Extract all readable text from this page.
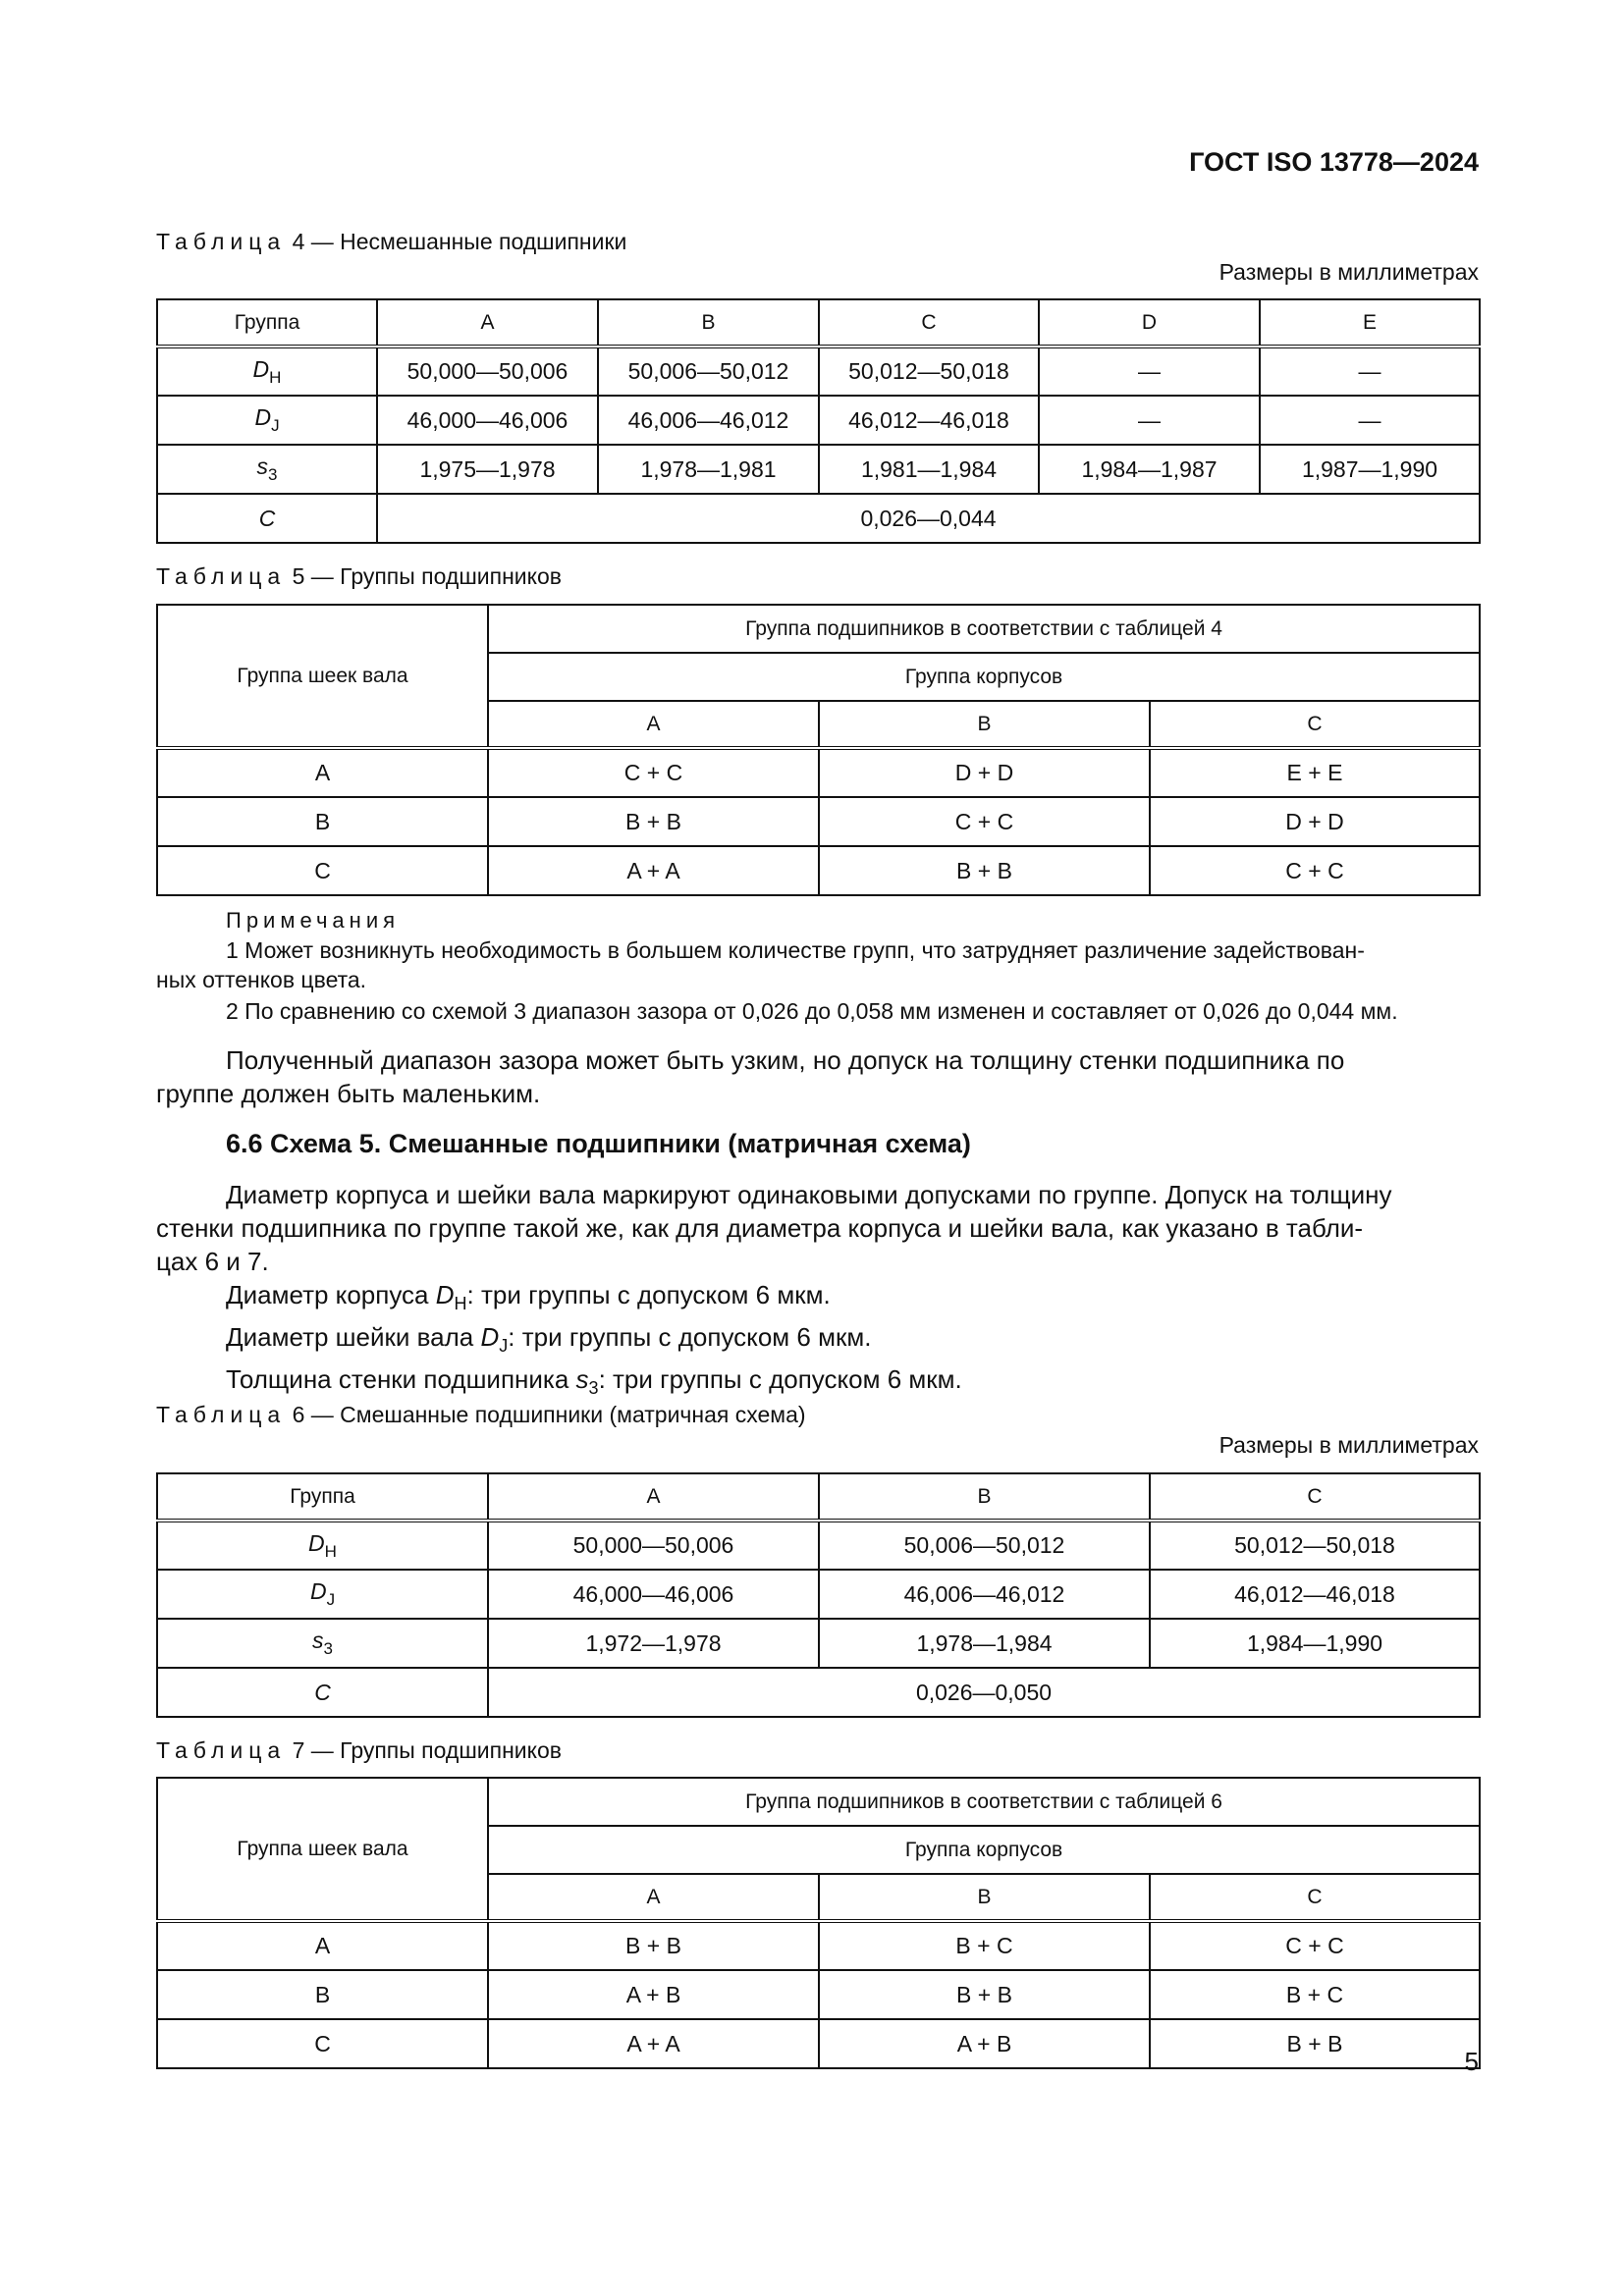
ГОСТ ISO 13778—2024
Таблица 4 — Несмешанные подшипники
Размеры в миллиметрах
Группа	A	B	C	D	E
$D_H$	50,000—50,006	50,006—50,012	50,012—50,018	—	—
$D_J$	46,000—46,006	46,006—46,012	46,012—46,018	—	—
$s_3$	1,975—1,978	1,978—1,981	1,981—1,984	1,984—1,987	1,987—1,990
C	0,026—0,044				
Таблица 5 — Группы подшипников
Группа шеек вала	Группа подшипников в соответствии с таблицей 4		
	Группа корпусов		
	A	B	C
A	C + C	D + D	E + E
B	B + B	C + C	D + D
C	A + A	B + B	C + C
Примечания
1 Может возникнуть необходимость в большем количестве групп, что затрудняет различение задействован-
ных оттенков цвета.
2 По сравнению со схемой 3 диапазон зазора от 0,026 до 0,058 мм изменен и составляет от 0,026 до 0,044 мм.
Полученный диапазон зазора может быть узким, но допуск на толщину стенки подшипника по
группе должен быть маленьким.
6.6 Схема 5. Смешанные подшипники (матричная схема)
Диаметр корпуса и шейки вала маркируют одинаковыми допусками по группе. Допуск на толщину
стенки подшипника по группе такой же, как для диаметра корпуса и шейки вала, как указано в табли-
цах 6 и 7.
Диаметр корпуса $D_H$: три группы с допуском 6 мкм.
Диаметр шейки вала $D_J$: три группы с допуском 6 мкм.
Толщина стенки подшипника $s_3$: три группы с допуском 6 мкм.
Таблица 6 — Смешанные подшипники (матричная схема)
Размеры в миллиметрах
Группа	A	B	C
$D_H$	50,000—50,006	50,006—50,012	50,012—50,018
$D_J$	46,000—46,006	46,006—46,012	46,012—46,018
$s_3$	1,972—1,978	1,978—1,984	1,984—1,990
C	0,026—0,050		
Таблица 7 — Группы подшипников
Группа шеек вала	Группа подшипников в соответствии с таблицей 6		
	Группа корпусов		
	A	B	C
A	B + B	B + C	C + C
B	A + B	B + B	B + C
C	A + A	A + B	B + B
5
